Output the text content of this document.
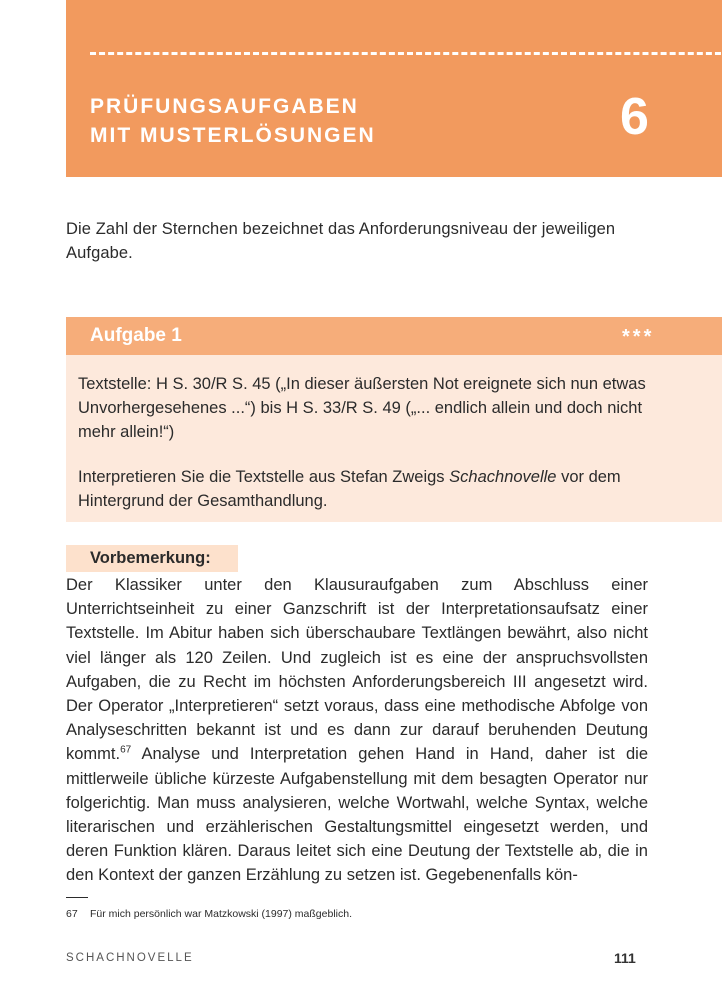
PRÜFUNGSAUFGABEN
MIT MUSTERLÖSUNGEN	6
Die Zahl der Sternchen bezeichnet das Anforderungsniveau der jeweiligen Aufgabe.
Aufgabe 1	***
Textstelle: H S. 30/R S. 45 („In dieser äußersten Not ereignete sich nun etwas Unvorhergesehenes ...“) bis H S. 33/R S. 49 („... endlich allein und doch nicht mehr allein!“)
Interpretieren Sie die Textstelle aus Stefan Zweigs Schachnovelle vor dem Hintergrund der Gesamthandlung.
Vorbemerkung:
Der Klassiker unter den Klausuraufgaben zum Abschluss einer Unterrichtseinheit zu einer Ganzschrift ist der Interpretationsaufsatz einer Textstelle. Im Abitur haben sich überschaubare Textlängen bewährt, also nicht viel länger als 120 Zeilen. Und zugleich ist es eine der anspruchsvollsten Aufgaben, die zu Recht im höchsten Anforderungsbereich III angesetzt wird. Der Operator „Interpretieren“ setzt voraus, dass eine methodische Abfolge von Analyseschritten bekannt ist und es dann zur darauf beruhenden Deutung kommt.$^{67}$ Analyse und Interpretation gehen Hand in Hand, daher ist die mittlerweile übliche kürzeste Aufgabenstellung mit dem besagten Operator nur folgerichtig. Man muss analysieren, welche Wortwahl, welche Syntax, welche literarischen und erzählerischen Gestaltungsmittel eingesetzt werden, und deren Funktion klären. Daraus leitet sich eine Deutung der Textstelle ab, die in den Kontext der ganzen Erzählung zu setzen ist. Gegebenenfalls kön-
67 Für mich persönlich war Matzkowski (1997) maßgeblich.
SCHACHNOVELLE	111
